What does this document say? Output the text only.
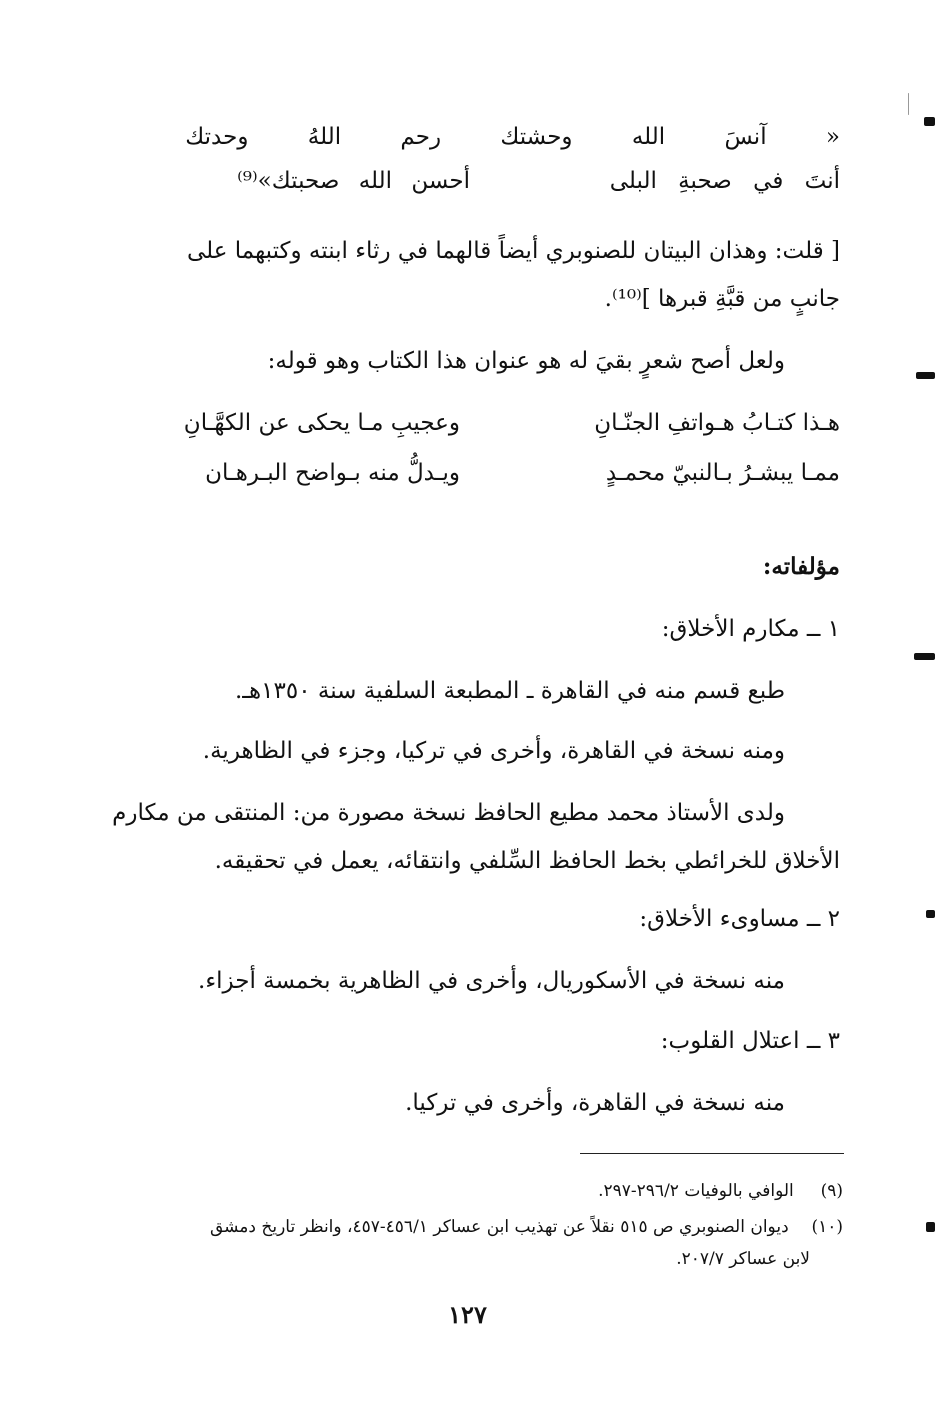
« آنسَ الله وحشتك رحم اللهُ وحدتك
أنتَ في صحبةِ البلى
أحسن الله صحبتك»⁽⁹⁾
[ قلت: وهذان البيتان للصنوبري أيضاً قالهما في رثاء ابنته وكتبهما على
جانبٍ من قبَّةِ قبرها ]⁽¹⁰⁾.
ولعل أصح شعرٍ بقيَ له هو عنوان هذا الكتاب وهو قوله:
هـذا كتـابُ هـواتفِ الجنّـانِ
وعجيبِ مـا يحكى عن الكهَّـانِ
ممـا يبشـرُ بـالنبيّ محمـدٍ
ويـدلُّ منه بـواضح البـرهـان
مؤلفاته:
١ ــ مكارم الأخلاق:
طبع قسم منه في القاهرة ـ المطبعة السلفية سنة ١٣٥٠هـ.
ومنه نسخة في القاهرة، وأخرى في تركيا، وجزء في الظاهرية.
ولدى الأستاذ محمد مطيع الحافظ نسخة مصورة من: المنتقى من مكارم
الأخلاق للخرائطي بخط الحافظ السِّلفي وانتقائه، يعمل في تحقيقه.
٢ ــ مساوىء الأخلاق:
منه نسخة في الأسكوريال، وأخرى في الظاهرية بخمسة أجزاء.
٣ ــ اعتلال القلوب:
منه نسخة في القاهرة، وأخرى في تركيا.
(٩)  الوافي بالوفيات ٢٩٦/٢-٢٩٧.
(١٠)  ديوان الصنوبري ص ٥١٥ نقلاً عن تهذيب ابن عساكر ٤٥٦/١-٤٥٧، وانظر تاريخ دمشق
لابن عساكر ٢٠٧/٧.
١٢٧
